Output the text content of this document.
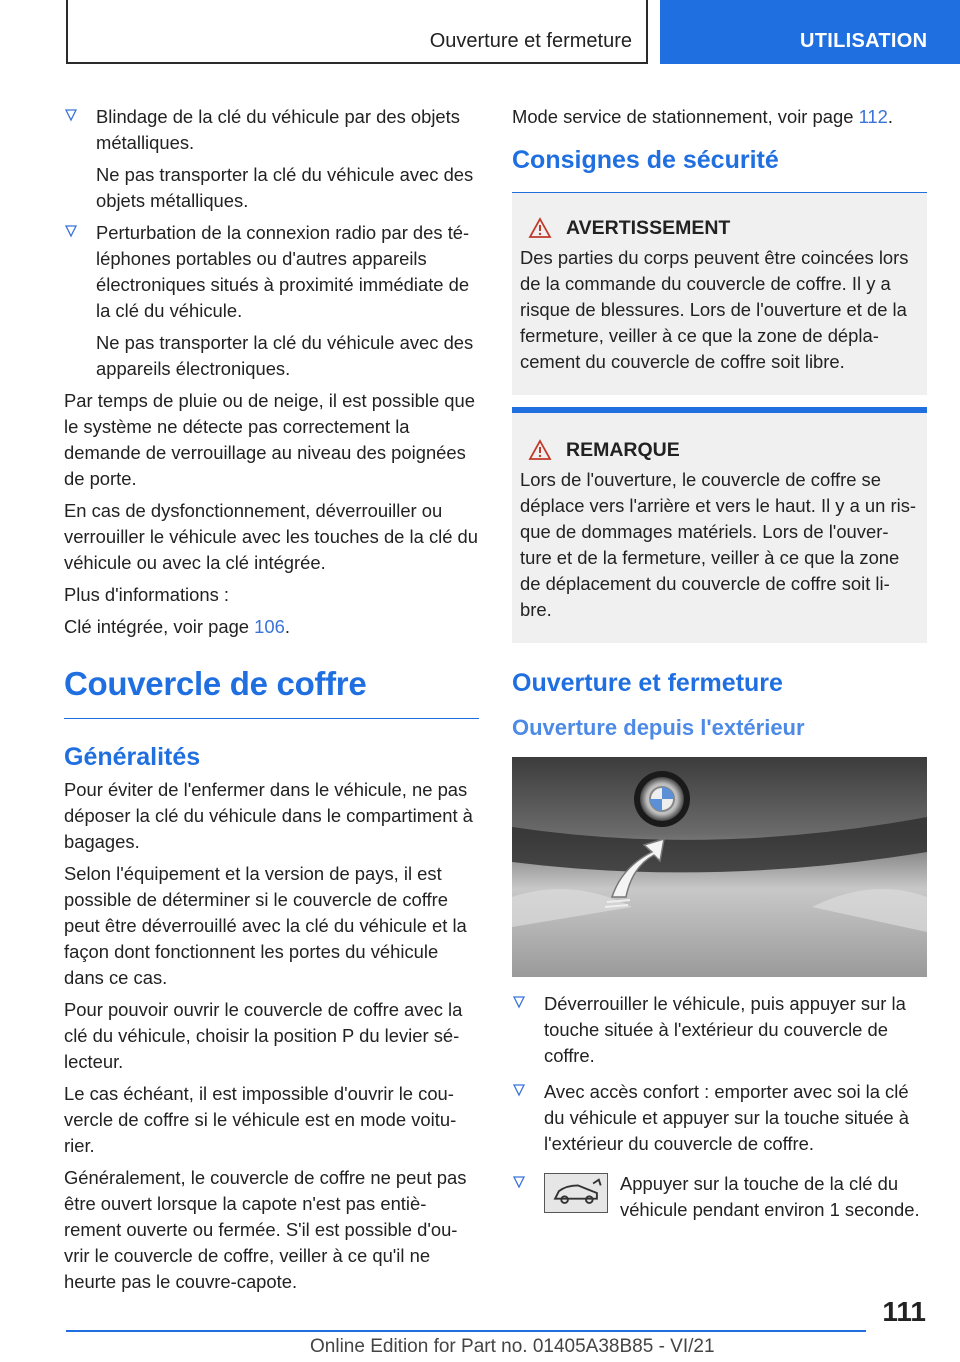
Ouverture et fermeture	UTILISATION

Blindage de la clé du véhicule par des objets métalliques.

Ne pas transporter la clé du véhicule avec des objets métalliques.

Perturbation de la connexion radio par des té-léphones portables ou d'autres appareils électroniques situés à proximité immédiate de la clé du véhicule.

Ne pas transporter la clé du véhicule avec des appareils électroniques.

Par temps de pluie ou de neige, il est possible que le système ne détecte pas correctement la demande de verrouillage au niveau des poignées de porte.

En cas de dysfonctionnement, déverrouiller ou verrouiller le véhicule avec les touches de la clé du véhicule ou avec la clé intégrée.

Plus d'informations :

Clé intégrée, voir page 106.

Couvercle de coffre
Généralités

Pour éviter de l'enfermer dans le véhicule, ne pas déposer la clé du véhicule dans le compartiment à bagages.

Selon l'équipement et la version de pays, il est possible de déterminer si le couvercle de coffre peut être déverrouillé avec la clé du véhicule et la façon dont fonctionnent les portes du véhicule dans ce cas.

Pour pouvoir ouvrir le couvercle de coffre avec la clé du véhicule, choisir la position P du levier sé-lecteur.

Le cas échéant, il est impossible d'ouvrir le cou-vercle de coffre si le véhicule est en mode voitu-rier.

Généralement, le couvercle de coffre ne peut pas être ouvert lorsque la capote n'est pas entiè-rement ouverte ou fermée. S'il est possible d'ou-vrir le couvercle de coffre, veiller à ce qu'il ne heurte pas le couvre-capote.

Mode service de stationnement, voir page 112.

Consignes de sécurité
AVERTISSEMENT
Des parties du corps peuvent être coincées lors de la commande du couvercle de coffre. Il y a risque de blessures. Lors de l'ouverture et de la fermeture, veiller à ce que la zone de dépla-cement du couvercle de coffre soit libre.
REMARQUE
Lors de l'ouverture, le couvercle de coffre se déplace vers l'arrière et vers le haut. Il y a un ris-que de dommages matériels. Lors de l'ouver-ture et de la fermeture, veiller à ce que la zone de déplacement du couvercle de coffre soit li-bre.
Ouverture et fermeture
Ouverture depuis l'extérieur

Déverrouiller le véhicule, puis appuyer sur la touche située à l'extérieur du couvercle de coffre.

Avec accès confort : emporter avec soi la clé du véhicule et appuyer sur la touche située à l'extérieur du couvercle de coffre.

Appuyer sur la touche de la clé du véhicule pendant environ 1 seconde.

111
Online Edition for Part no. 01405A38B85 - VI/21
